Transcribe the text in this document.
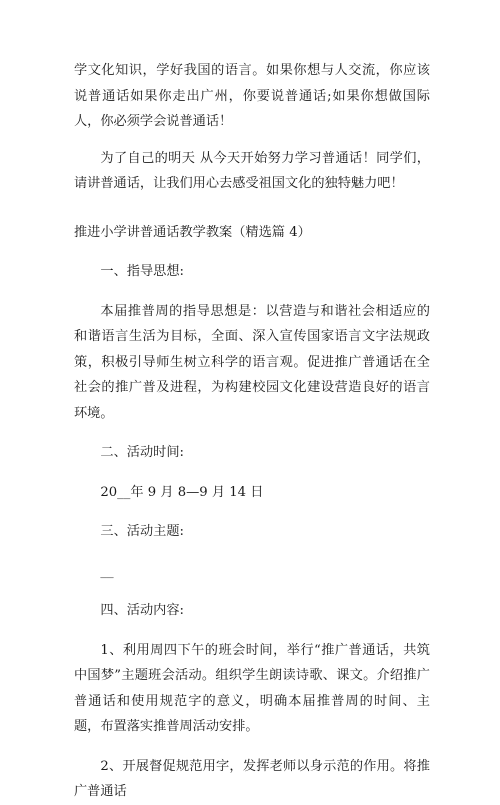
学文化知识，学好我国的语言。如果你想与人交流，你应该说普通话如果你走出广州，你要说普通话;如果你想做国际人，你必须学会说普通话！

为了自己的明天 从今天开始努力学习普通话！同学们，请讲普通话，让我们用心去感受祖国文化的独特魅力吧！

推进小学讲普通话教学教案（精选篇 4）

一、指导思想:

本届推普周的指导思想是：以营造与和谐社会相适应的和谐语言生活为目标，全面、深入宣传国家语言文字法规政策，积极引导师生树立科学的语言观。促进推广普通话在全社会的推广普及进程，为构建校园文化建设营造良好的语言环境。

二、活动时间:

20__年 9 月 8—9 月 14 日

三、活动主题:

__

四、活动内容:

1、利用周四下午的班会时间，举行“推广普通话，共筑中国梦”主题班会活动。组织学生朗读诗歌、课文。介绍推广普通话和使用规范字的意义，明确本届推普周的时间、主题，布置落实推普周活动安排。

2、开展督促规范用字，发挥老师以身示范的作用。将推广普通话
